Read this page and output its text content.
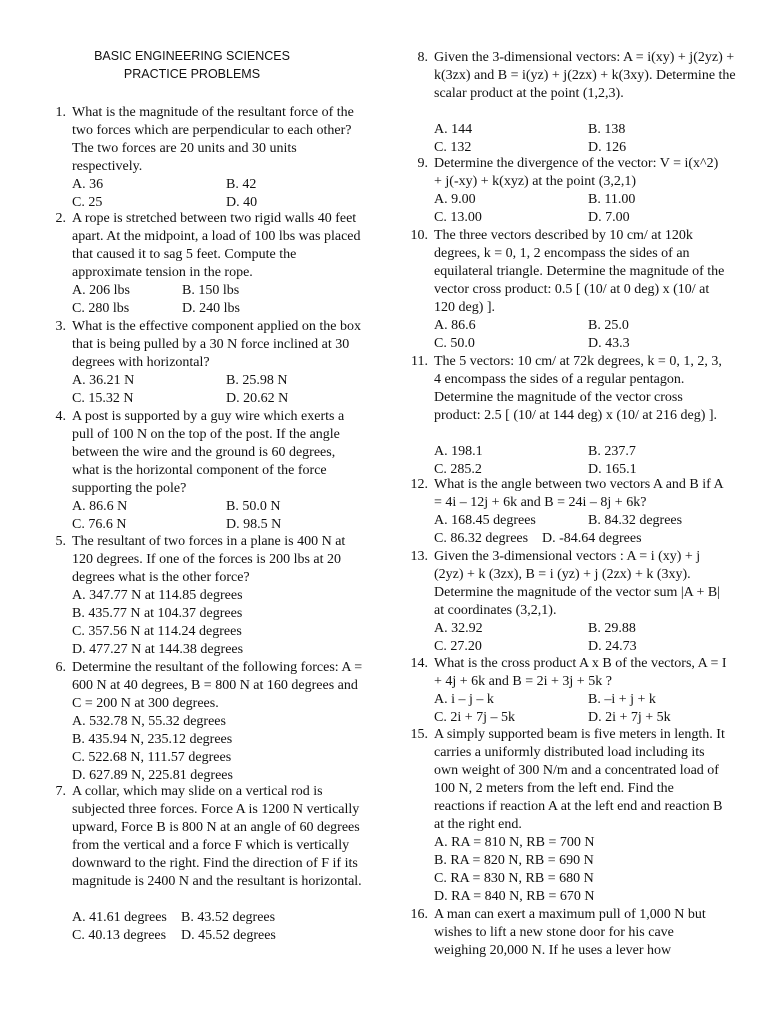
BASIC ENGINEERING SCIENCES
PRACTICE PROBLEMS
1. What is the magnitude of the resultant force of the two forces which are perpendicular to each other? The two forces are 20 units and 30 units respectively.
A. 36	B. 42
C. 25	D. 40
2. A rope is stretched between two rigid walls 40 feet apart. At the midpoint, a load of 100 lbs was placed that caused it to sag 5 feet. Compute the approximate tension in the rope.
A. 206 lbs	B. 150 lbs
C. 280 lbs	D. 240 lbs
3. What is the effective component applied on the box that is being pulled by a 30 N force inclined at 30 degrees with horizontal?
A. 36.21 N	B. 25.98 N
C. 15.32 N	D. 20.62 N
4. A post is supported by a guy wire which exerts a pull of 100 N on the top of the post. If the angle between the wire and the ground is 60 degrees, what is the horizontal component of the force supporting the pole?
A. 86.6 N	B. 50.0 N
C. 76.6 N	D. 98.5 N
5. The resultant of two forces in a plane is 400 N at 120 degrees. If one of the forces is 200 lbs at 20 degrees what is the other force?
A. 347.77 N at 114.85 degrees
B. 435.77 N at 104.37 degrees
C. 357.56 N at 114.24 degrees
D. 477.27 N at 144.38 degrees
6. Determine the resultant of the following forces: A = 600 N at 40 degrees, B = 800 N at 160 degrees and C = 200 N at 300 degrees.
A. 532.78 N, 55.32 degrees
B. 435.94 N, 235.12 degrees
C. 522.68 N, 111.57 degrees
D. 627.89 N, 225.81 degrees
7. A collar, which may slide on a vertical rod is subjected three forces. Force A is 1200 N vertically upward, Force B is 800 N at an angle of 60 degrees from the vertical and a force F which is vertically downward to the right. Find the direction of F if its magnitude is 2400 N and the resultant is horizontal.
A. 41.61 degrees B. 43.52 degrees
C. 40.13 degrees D. 45.52 degrees
8. Given the 3-dimensional vectors: A = i(xy) + j(2yz) + k(3zx) and B = i(yz) + j(2zx) + k(3xy). Determine the scalar product at the point (1,2,3).
A. 144	B. 138
C. 132	D. 126
9. Determine the divergence of the vector: V = i(x^2) + j(-xy) + k(xyz) at the point (3,2,1)
A. 9.00	B. 11.00
C. 13.00	D. 7.00
10. The three vectors described by 10 cm/ at 120k degrees, k = 0, 1, 2 encompass the sides of an equilateral triangle. Determine the magnitude of the vector cross product: 0.5 [ (10/ at 0 deg) x (10/ at 120 deg) ].
A. 86.6	B. 25.0
C. 50.0	D. 43.3
11. The 5 vectors: 10 cm/ at 72k degrees, k = 0, 1, 2, 3, 4 encompass the sides of a regular pentagon. Determine the magnitude of the vector cross product: 2.5 [ (10/ at 144 deg) x (10/ at 216 deg) ].
A. 198.1	B. 237.7
C. 285.2	D. 165.1
12. What is the angle between two vectors A and B if A = 4i – 12j + 6k and B = 24i – 8j + 6k?
A. 168.45 degrees	B. 84.32 degrees
C. 86.32 degrees D. -84.64 degrees
13. Given the 3-dimensional vectors : A = i (xy) + j (2yz) + k (3zx), B = i (yz) + j (2zx) + k (3xy). Determine the magnitude of the vector sum |A + B| at coordinates (3,2,1).
A. 32.92	B. 29.88
C. 27.20	D. 24.73
14. What is the cross product A x B of the vectors, A = I + 4j + 6k and B = 2i + 3j + 5k ?
A. i – j – k	B. –i + j + k
C. 2i + 7j – 5k	D. 2i + 7j + 5k
15. A simply supported beam is five meters in length. It carries a uniformly distributed load including its own weight of 300 N/m and a concentrated load of 100 N, 2 meters from the left end. Find the reactions if reaction A at the left end and reaction B at the right end.
A. RA = 810 N, RB = 700 N
B. RA = 820 N, RB = 690 N
C. RA = 830 N, RB = 680 N
D. RA = 840 N, RB = 670 N
16. A man can exert a maximum pull of 1,000 N but wishes to lift a new stone door for his cave weighing 20,000 N. If he uses a lever how
